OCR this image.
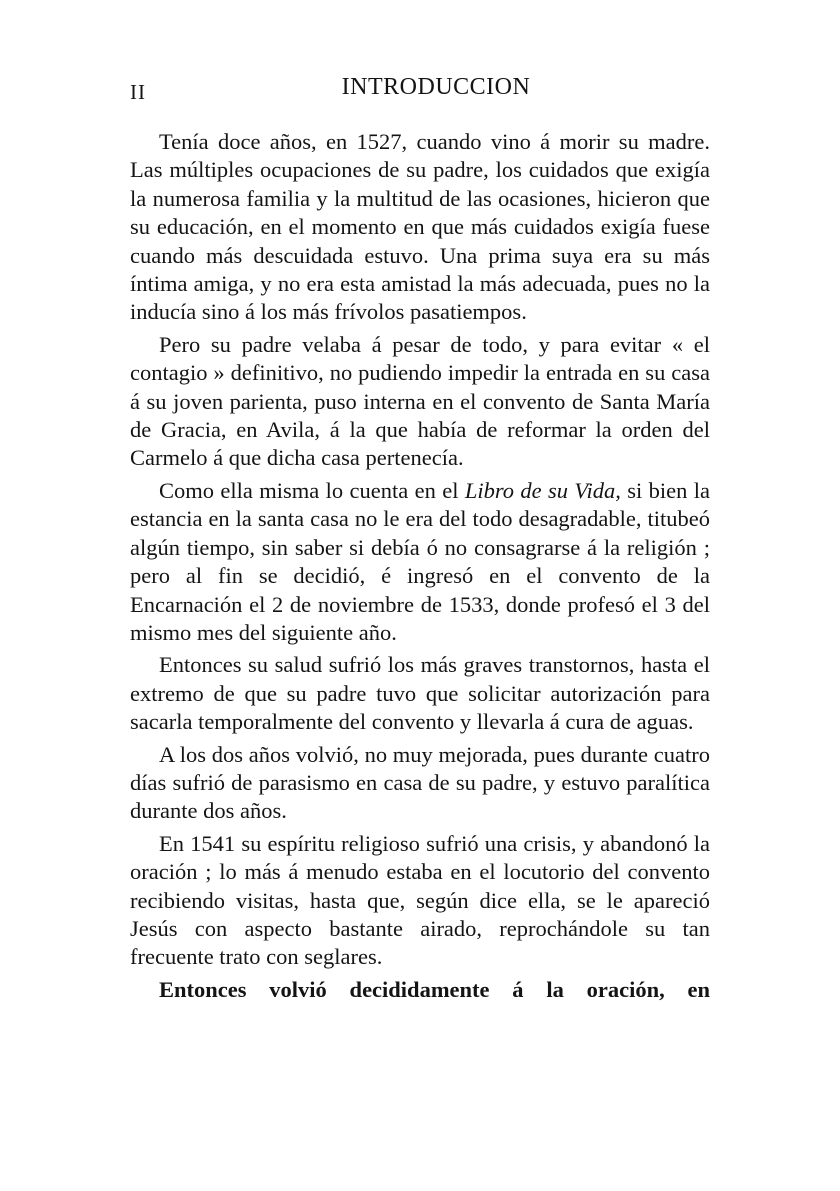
II	INTRODUCCION

Tenía doce años, en 1527, cuando vino á morir su madre. Las múltiples ocupaciones de su padre, los cuidados que exigía la numerosa familia y la multitud de las ocasiones, hicieron que su educación, en el momento en que más cuidados exigía fuese cuando más descuidada estuvo. Una prima suya era su más íntima amiga, y no era esta amistad la más adecuada, pues no la inducía sino á los más frívolos pasatiempos.

Pero su padre velaba á pesar de todo, y para evitar « el contagio » definitivo, no pudiendo impedir la entrada en su casa á su joven parienta, puso interna en el convento de Santa María de Gracia, en Avila, á la que había de reformar la orden del Carmelo á que dicha casa pertenecía.

Como ella misma lo cuenta en el Libro de su Vida, si bien la estancia en la santa casa no le era del todo desagradable, titubeó algún tiempo, sin saber si debía ó no consagrarse á la religión ; pero al fin se decidió, é ingresó en el convento de la Encarnación el 2 de noviembre de 1533, donde profesó el 3 del mismo mes del siguiente año.

Entonces su salud sufrió los más graves transtornos, hasta el extremo de que su padre tuvo que solicitar autorización para sacarla temporalmente del convento y llevarla á cura de aguas.

A los dos años volvió, no muy mejorada, pues durante cuatro días sufrió de parasismo en casa de su padre, y estuvo paralítica durante dos años.

En 1541 su espíritu religioso sufrió una crisis, y abandonó la oración ; lo más á menudo estaba en el locutorio del convento recibiendo visitas, hasta que, según dice ella, se le apareció Jesús con aspecto bastante airado, reprochándole su tan frecuente trato con seglares.

Entonces volvió decididamente á la oración, en
